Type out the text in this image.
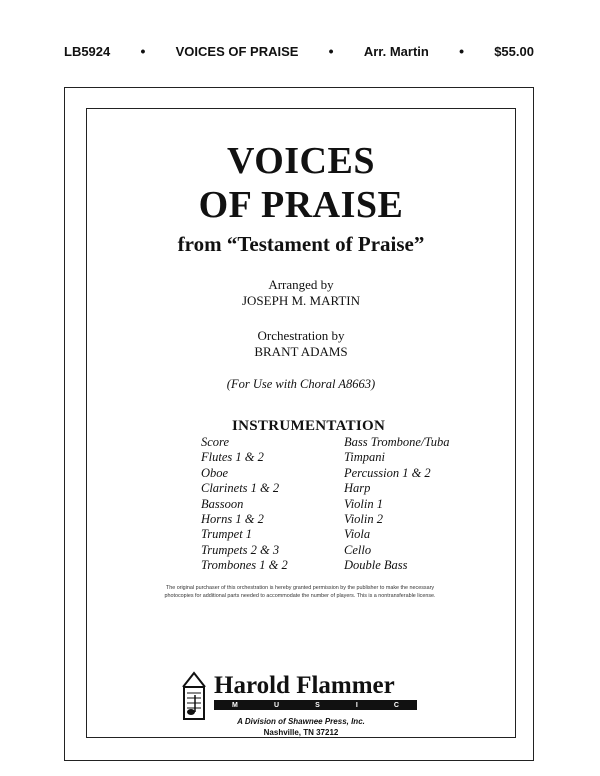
LB5924 • VOICES OF PRAISE • Arr. Martin • $55.00
VOICES
OF PRAISE
from “Testament of Praise”
Arranged by
JOSEPH M. MARTIN
Orchestration by
BRANT ADAMS
(For Use with Choral A8663)
INSTRUMENTATION
Score
Flutes 1 & 2
Oboe
Clarinets 1 & 2
Bassoon
Horns 1 & 2
Trumpet 1
Trumpets 2 & 3
Trombones 1 & 2
Bass Trombone/Tuba
Timpani
Percussion 1 & 2
Harp
Violin 1
Violin 2
Viola
Cello
Double Bass
The original purchaser of this orchestration is hereby granted permission by the publisher to make the necessary
photocopies for additional parts needed to accommodate the number of players. This is a nontransferable license.
Harold Flammer
M	U	S	I	C
A Division of Shawnee Press, Inc.
Nashville, TN 37212
